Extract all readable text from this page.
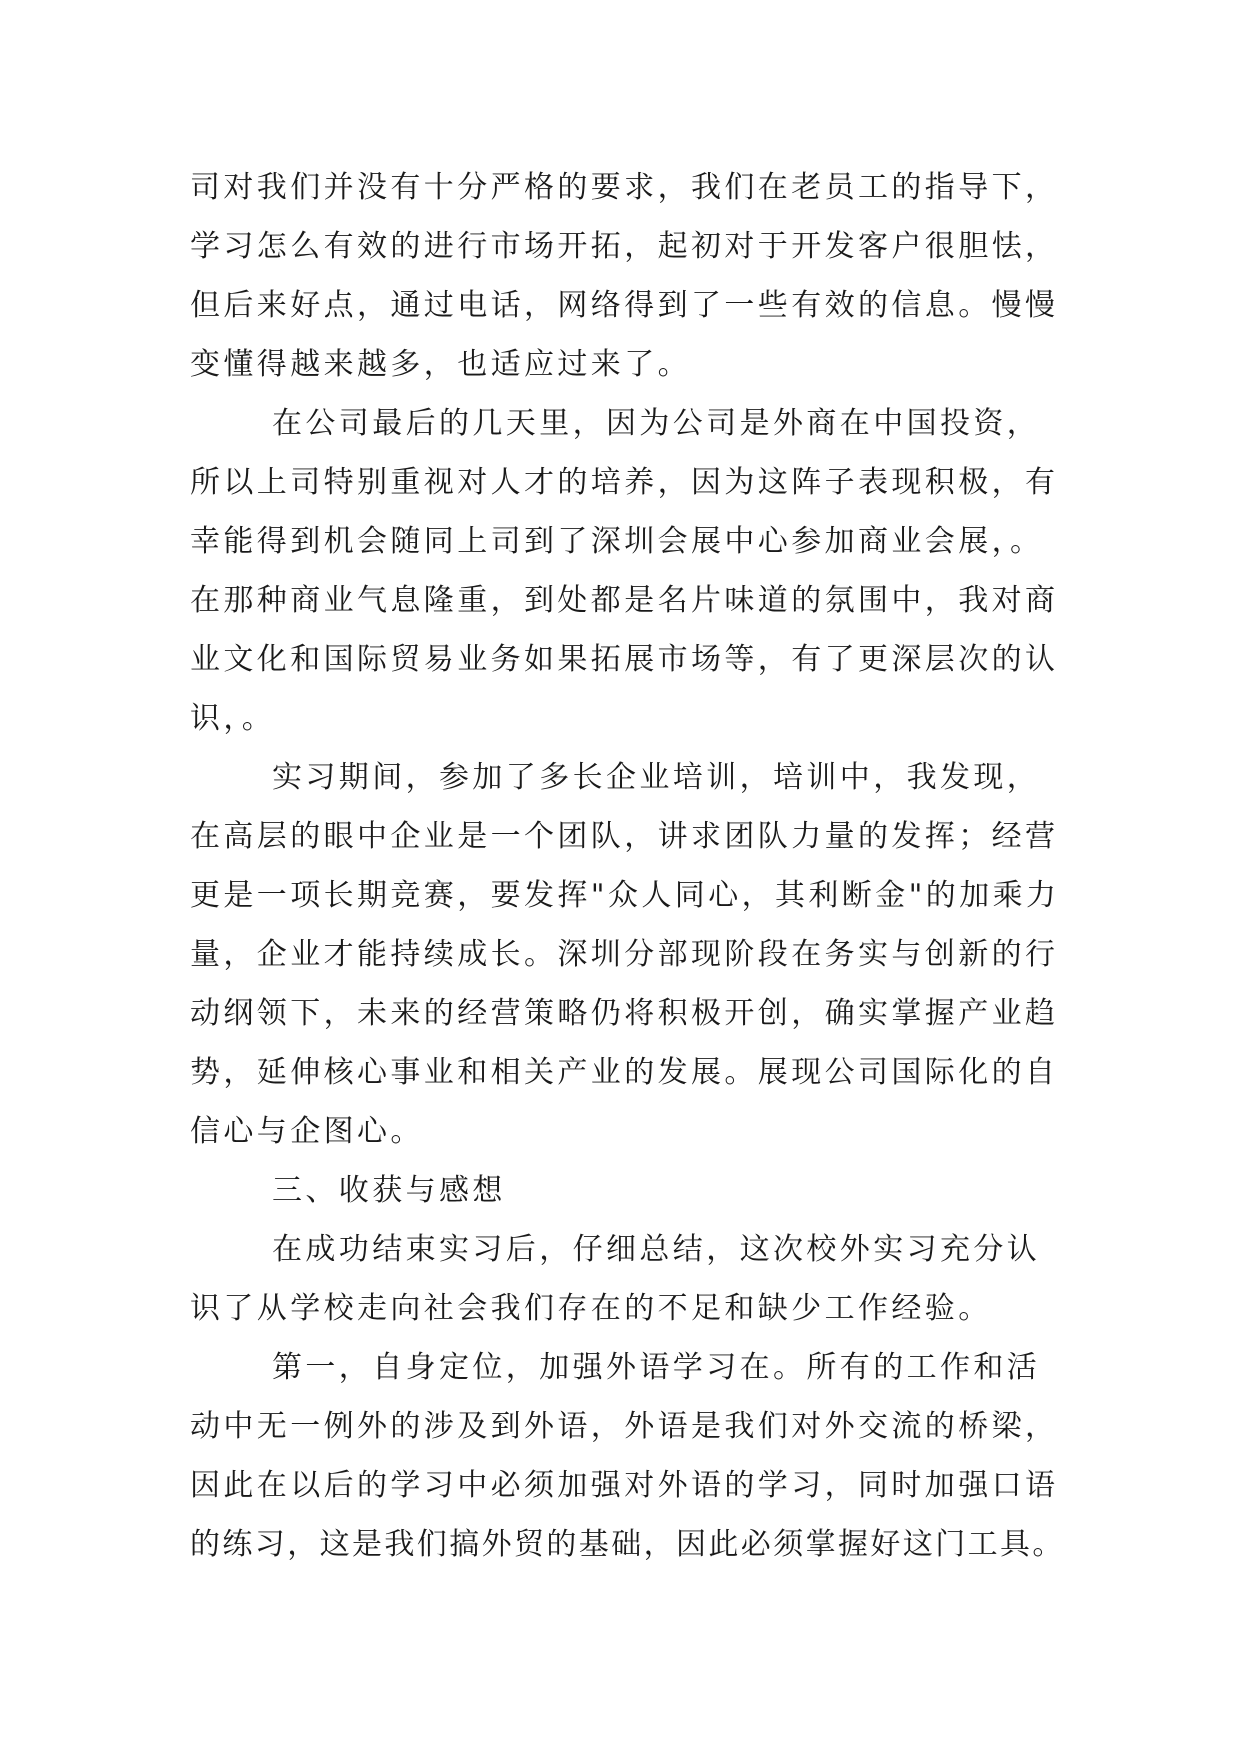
司对我们并没有十分严格的要求，我们在老员工的指导下，
学习怎么有效的进行市场开拓，起初对于开发客户很胆怯，
但后来好点，通过电话，网络得到了一些有效的信息。慢慢
变懂得越来越多，也适应过来了。
在公司最后的几天里，因为公司是外商在中国投资，
所以上司特别重视对人才的培养，因为这阵子表现积极，有
幸能得到机会随同上司到了深圳会展中心参加商业会展，。
在那种商业气息隆重，到处都是名片味道的氛围中，我对商
业文化和国际贸易业务如果拓展市场等，有了更深层次的认
识，。
实习期间，参加了多长企业培训，培训中，我发现，
在高层的眼中企业是一个团队，讲求团队力量的发挥；经营
更是一项长期竞赛，要发挥"众人同心，其利断金"的加乘力
量，企业才能持续成长。深圳分部现阶段在务实与创新的行
动纲领下，未来的经营策略仍将积极开创，确实掌握产业趋
势，延伸核心事业和相关产业的发展。展现公司国际化的自
信心与企图心。
三、收获与感想
在成功结束实习后，仔细总结，这次校外实习充分认
识了从学校走向社会我们存在的不足和缺少工作经验。
第一，自身定位，加强外语学习在。所有的工作和活
动中无一例外的涉及到外语，外语是我们对外交流的桥梁，
因此在以后的学习中必须加强对外语的学习，同时加强口语
的练习，这是我们搞外贸的基础，因此必须掌握好这门工具。
